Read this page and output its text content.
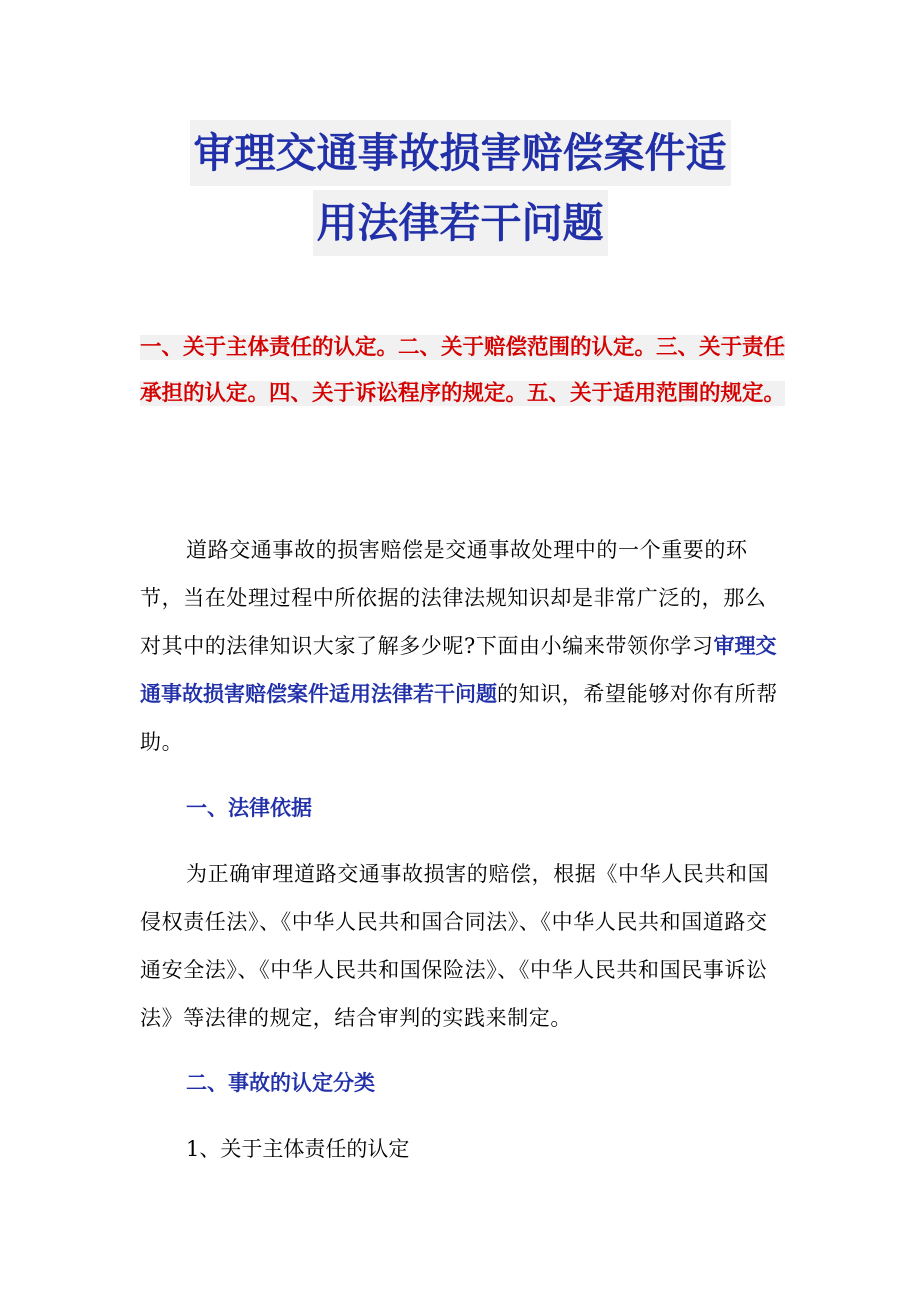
审理交通事故损害赔偿案件适
用法律若干问题
一、关于主体责任的认定。二、关于赔偿范围的认定。三、关于责任承担的认定。四、关于诉讼程序的规定。五、关于适用范围的规定。
道路交通事故的损害赔偿是交通事故处理中的一个重要的环节，当在处理过程中所依据的法律法规知识却是非常广泛的，那么对其中的法律知识大家了解多少呢?下面由小编来带领你学习审理交通事故损害赔偿案件适用法律若干问题的知识，希望能够对你有所帮助。
一、法律依据
为正确审理道路交通事故损害的赔偿，根据《中华人民共和国侵权责任法》、《中华人民共和国合同法》、《中华人民共和国道路交通安全法》、《中华人民共和国保险法》、《中华人民共和国民事诉讼法》等法律的规定，结合审判的实践来制定。
二、事故的认定分类
1、关于主体责任的认定
